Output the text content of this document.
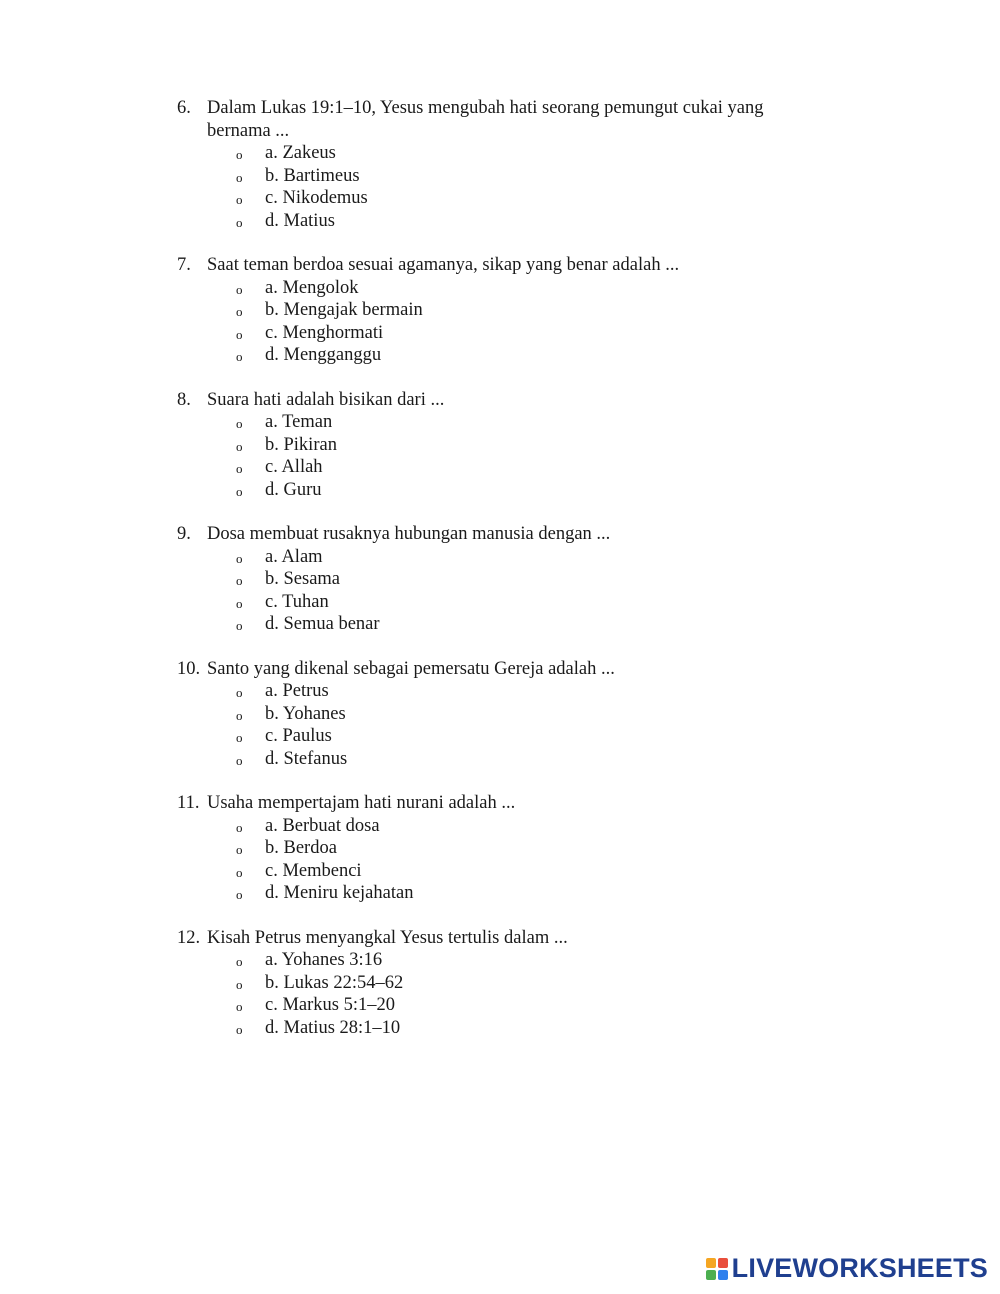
6. Dalam Lukas 19:1–10, Yesus mengubah hati seorang pemungut cukai yang bernama ...
o a. Zakeus
o b. Bartimeus
o c. Nikodemus
o d. Matius
7. Saat teman berdoa sesuai agamanya, sikap yang benar adalah ...
o a. Mengolok
o b. Mengajak bermain
o c. Menghormati
o d. Mengganggu
8. Suara hati adalah bisikan dari ...
o a. Teman
o b. Pikiran
o c. Allah
o d. Guru
9. Dosa membuat rusaknya hubungan manusia dengan ...
o a. Alam
o b. Sesama
o c. Tuhan
o d. Semua benar
10. Santo yang dikenal sebagai pemersatu Gereja adalah ...
o a. Petrus
o b. Yohanes
o c. Paulus
o d. Stefanus
11. Usaha mempertajam hati nurani adalah ...
o a. Berbuat dosa
o b. Berdoa
o c. Membenci
o d. Meniru kejahatan
12. Kisah Petrus menyangkal Yesus tertulis dalam ...
o a. Yohanes 3:16
o b. Lukas 22:54–62
o c. Markus 5:1–20
o d. Matius 28:1–10
LIVEWORKSHEETS
